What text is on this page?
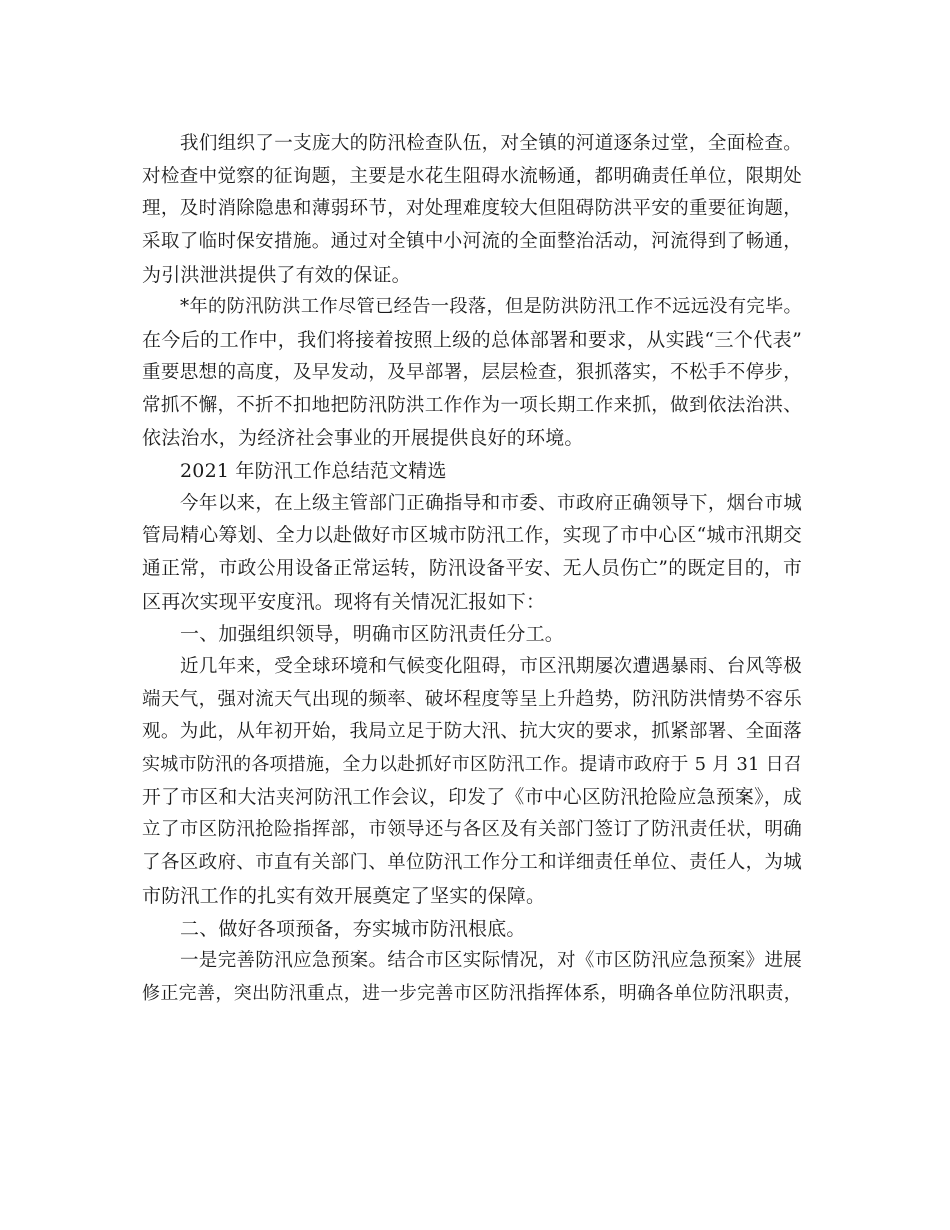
我们组织了一支庞大的防汛检查队伍，对全镇的河道逐条过堂，全面检查。
对检查中觉察的征询题，主要是水花生阻碍水流畅通，都明确责任单位，限期处
理，及时消除隐患和薄弱环节，对处理难度较大但阻碍防洪平安的重要征询题，
采取了临时保安措施。通过对全镇中小河流的全面整治活动，河流得到了畅通，
为引洪泄洪提供了有效的保证。
*年的防汛防洪工作尽管已经告一段落，但是防洪防汛工作不远远没有完毕。
在今后的工作中，我们将接着按照上级的总体部署和要求，从实践“三个代表”
重要思想的高度，及早发动，及早部署，层层检查，狠抓落实，不松手不停步，
常抓不懈，不折不扣地把防汛防洪工作作为一项长期工作来抓，做到依法治洪、
依法治水，为经济社会事业的开展提供良好的环境。
2021 年防汛工作总结范文精选
今年以来，在上级主管部门正确指导和市委、市政府正确领导下，烟台市城
管局精心筹划、全力以赴做好市区城市防汛工作，实现了市中心区“城市汛期交
通正常，市政公用设备正常运转，防汛设备平安、无人员伤亡”的既定目的，市
区再次实现平安度汛。现将有关情况汇报如下：
一、加强组织领导，明确市区防汛责任分工。
近几年来，受全球环境和气候变化阻碍，市区汛期屡次遭遇暴雨、台风等极
端天气，强对流天气出现的频率、破坏程度等呈上升趋势，防汛防洪情势不容乐
观。为此，从年初开始，我局立足于防大汛、抗大灾的要求，抓紧部署、全面落
实城市防汛的各项措施，全力以赴抓好市区防汛工作。提请市政府于 5 月 31 日召
开了市区和大沽夹河防汛工作会议，印发了《市中心区防汛抢险应急预案》，成
立了市区防汛抢险指挥部，市领导还与各区及有关部门签订了防汛责任状，明确
了各区政府、市直有关部门、单位防汛工作分工和详细责任单位、责任人，为城
市防汛工作的扎实有效开展奠定了坚实的保障。
二、做好各项预备，夯实城市防汛根底。
一是完善防汛应急预案。结合市区实际情况，对《市区防汛应急预案》进展
修正完善，突出防汛重点，进一步完善市区防汛指挥体系，明确各单位防汛职责，
